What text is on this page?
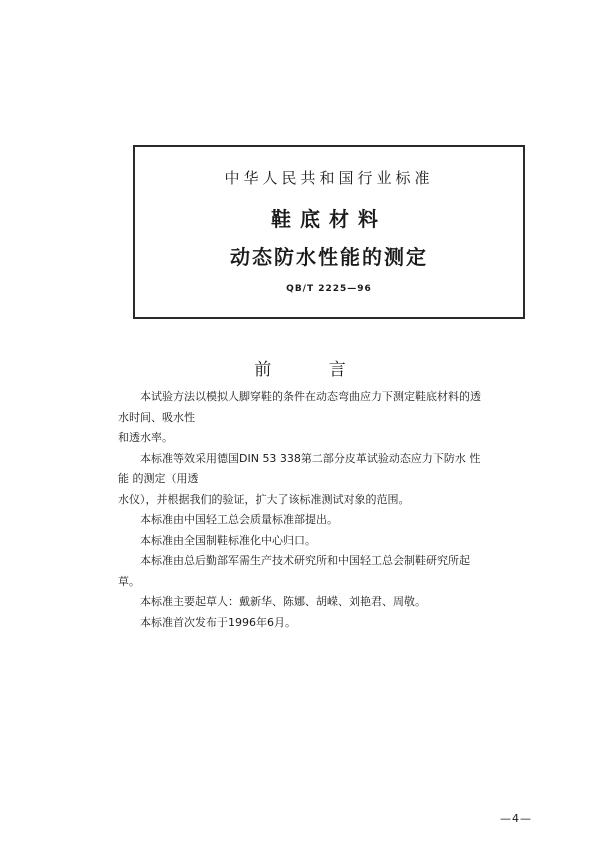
中华人民共和国行业标准
鞋底材料
动态防水性能的测定
QB/T 2225—96
前 言

本试验方法以模拟人脚穿鞋的条件在动态弯曲应力下测定鞋底材料的透水时间、吸水性

和透水率。

本标准等效采用德国DIN 53 338第二部分皮革试验动态应力下防水 性能 的测定（用透

水仪），并根据我们的验证，扩大了该标准测试对象的范围。

本标准由中国轻工总会质量标准部提出。

本标准由全国制鞋标准化中心归口。

本标准由总后勤部军需生产技术研究所和中国轻工总会制鞋研究所起草。

本标准主要起草人：戴新华、陈娜、胡嵘、刘艳君、周敬。

本标准首次发布于1996年6月。

—4—
